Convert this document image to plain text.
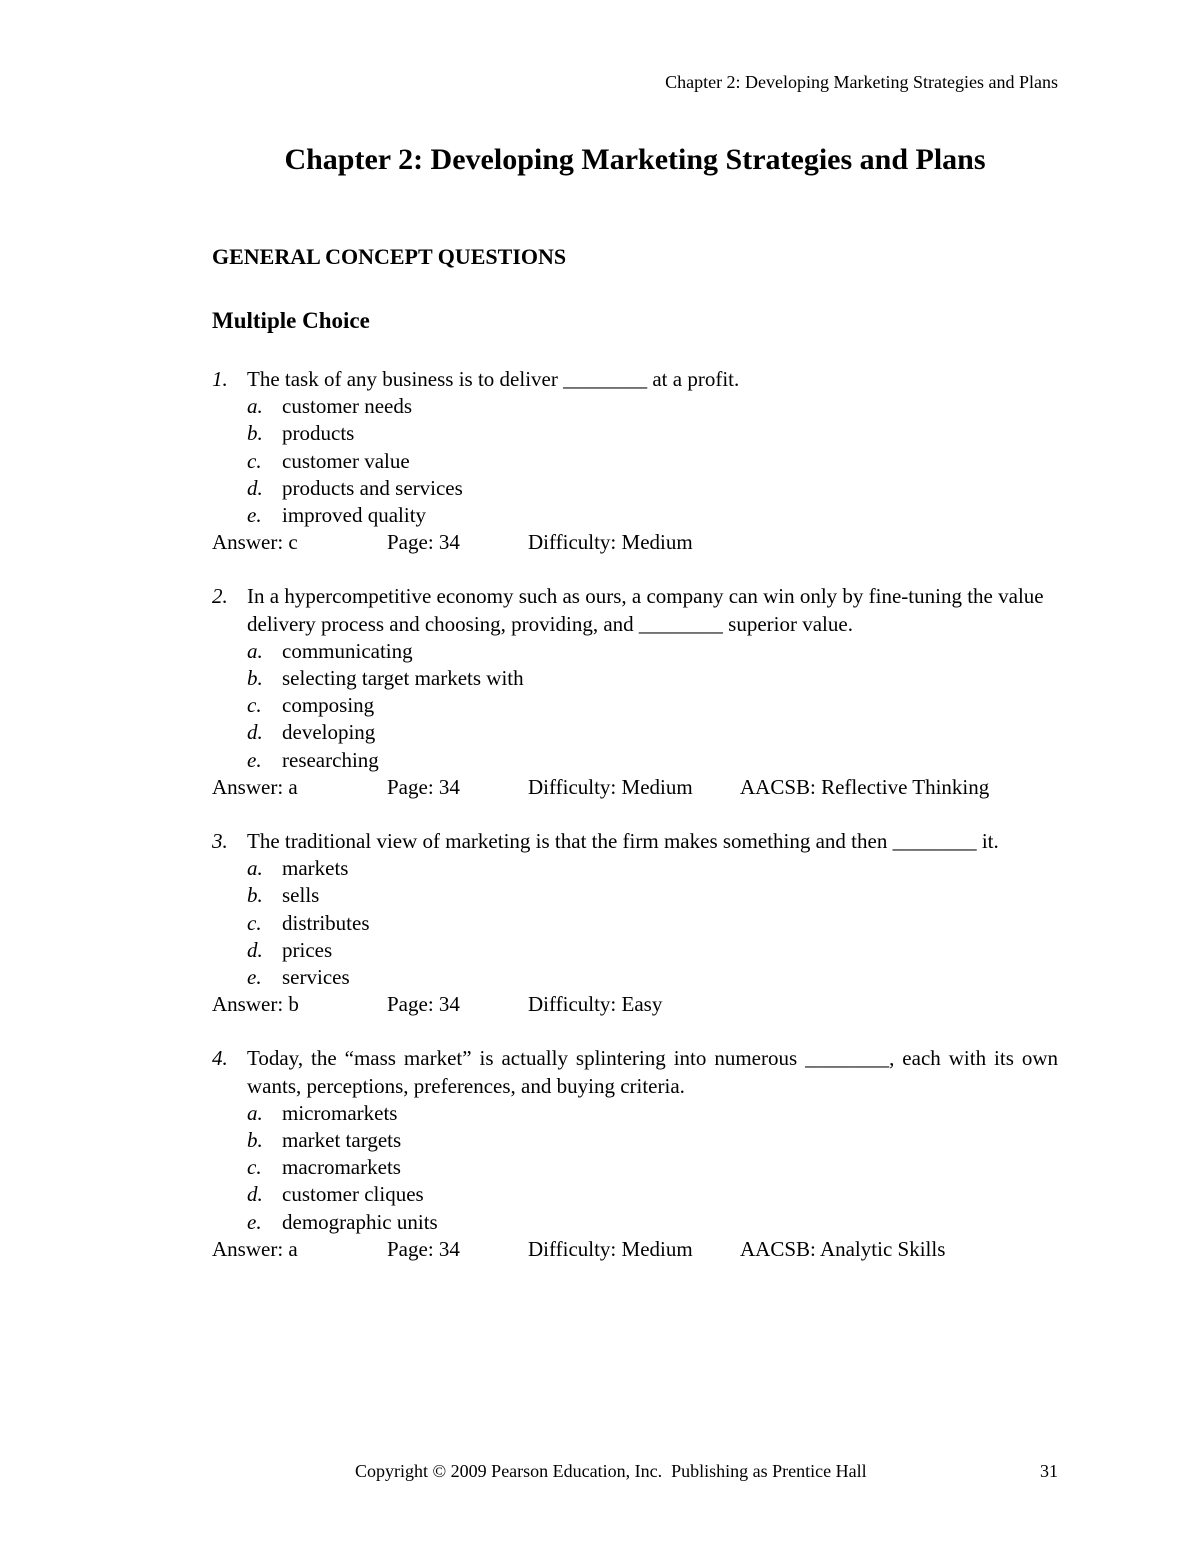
Chapter 2: Developing Marketing Strategies and Plans
Chapter 2: Developing Marketing Strategies and Plans
GENERAL CONCEPT QUESTIONS
Multiple Choice
1. The task of any business is to deliver ________ at a profit.
a. customer needs
b. products
c. customer value
d. products and services
e. improved quality
Answer: c	Page: 34	Difficulty: Medium
2. In a hypercompetitive economy such as ours, a company can win only by fine-tuning the value delivery process and choosing, providing, and ________ superior value.
a. communicating
b. selecting target markets with
c. composing
d. developing
e. researching
Answer: a	Page: 34	Difficulty: Medium AACSB: Reflective Thinking
3. The traditional view of marketing is that the firm makes something and then ________ it.
a. markets
b. sells
c. distributes
d. prices
e. services
Answer: b	Page: 34	Difficulty: Easy
4. Today, the “mass market” is actually splintering into numerous ________, each with its own wants, perceptions, preferences, and buying criteria.
a. micromarkets
b. market targets
c. macromarkets
d. customer cliques
e. demographic units
Answer: a	Page: 34	Difficulty: Medium AACSB: Analytic Skills
Copyright © 2009 Pearson Education, Inc.  Publishing as Prentice Hall	31
